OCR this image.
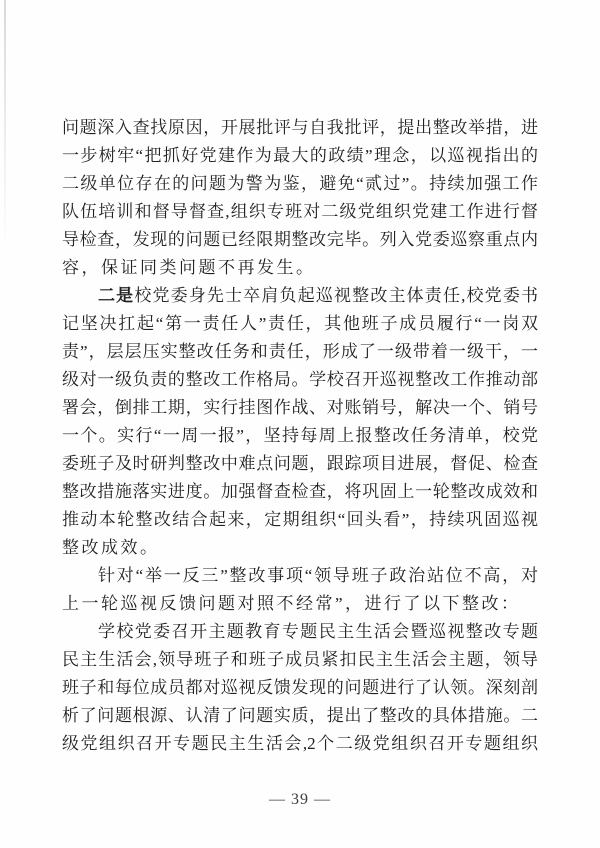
问题深入查找原因，开展批评与自我批评，提出整改举措，进
一步树牢“把抓好党建作为最大的政绩”理念，以巡视指出的
二级单位存在的问题为警为鉴，避免“贰过”。持续加强工作
队伍培训和督导督查,组织专班对二级党组织党建工作进行督
导检查，发现的问题已经限期整改完毕。列入党委巡察重点内
容，保证同类问题不再发生。
二是校党委身先士卒肩负起巡视整改主体责任,校党委书
记坚决扛起“第一责任人”责任，其他班子成员履行“一岗双
责”，层层压实整改任务和责任，形成了一级带着一级干，一
级对一级负责的整改工作格局。学校召开巡视整改工作推动部
署会，倒排工期，实行挂图作战、对账销号，解决一个、销号
一个。实行“一周一报”，坚持每周上报整改任务清单，校党
委班子及时研判整改中难点问题，跟踪项目进展，督促、检查
整改措施落实进度。加强督查检查，将巩固上一轮整改成效和
推动本轮整改结合起来，定期组织“回头看”，持续巩固巡视
整改成效。
针对“举一反三”整改事项“领导班子政治站位不高，对
上一轮巡视反馈问题对照不经常”，进行了以下整改：
学校党委召开主题教育专题民主生活会暨巡视整改专题
民主生活会,领导班子和班子成员紧扣民主生活会主题，领导
班子和每位成员都对巡视反馈发现的问题进行了认领。深刻剖
析了问题根源、认清了问题实质，提出了整改的具体措施。二
级党组织召开专题民主生活会,2个二级党组织召开专题组织
— 39 —
